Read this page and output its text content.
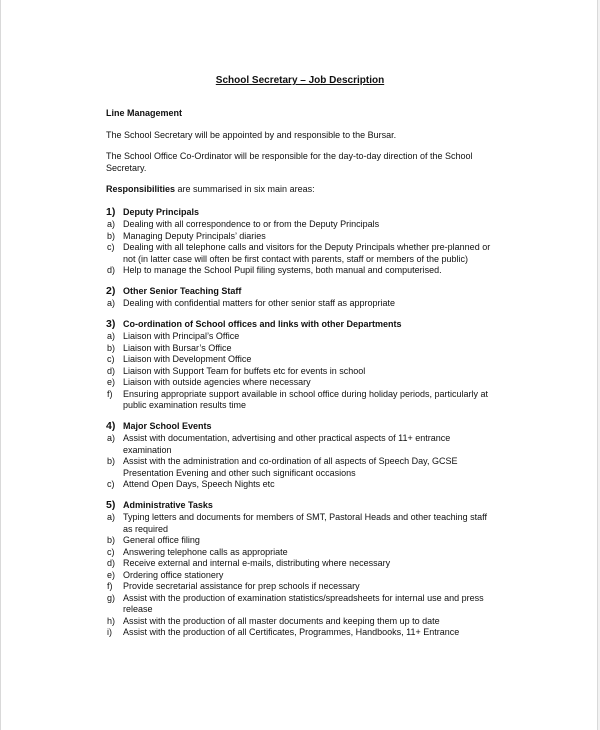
School Secretary – Job Description

Line Management

The School Secretary will be appointed by and responsible to the Bursar.

The School Office Co-Ordinator will be responsible for the day-to-day direction of the School Secretary.

Responsibilities are summarised in six main areas:

1) Deputy Principals
a) Dealing with all correspondence to or from the Deputy Principals
b) Managing Deputy Principals’ diaries
c) Dealing with all telephone calls and visitors for the Deputy Principals whether pre-planned or not (in latter case will often be first contact with parents, staff or members of the public)
d) Help to manage the School Pupil filing systems, both manual and computerised.
2) Other Senior Teaching Staff
a) Dealing with confidential matters for other senior staff as appropriate
3) Co-ordination of School offices and links with other Departments
a) Liaison with Principal’s Office
b) Liaison with Bursar’s Office
c) Liaison with Development Office
d) Liaison with Support Team for buffets etc for events in school
e) Liaison with outside agencies where necessary
f)	Ensuring appropriate support available in school office during holiday periods, particularly at public examination results time
4) Major School Events
a) Assist with documentation, advertising and other practical aspects of 11+ entrance examination
b) Assist with the administration and co-ordination of all aspects of Speech Day, GCSE Presentation Evening and other such significant occasions
c) Attend Open Days, Speech Nights etc
5) Administrative Tasks
a) Typing letters and documents for members of SMT, Pastoral Heads and other teaching staff as required
b) General office filing
c) Answering telephone calls as appropriate
d) Receive external and internal e-mails, distributing where necessary
e) Ordering office stationery
f)	Provide secretarial assistance for prep schools if necessary
g) Assist with the production of examination statistics/spreadsheets for internal use and press release
h) Assist with the production of all master documents and keeping them up to date
i)	Assist with the production of all Certificates, Programmes, Handbooks, 11+ Entrance
